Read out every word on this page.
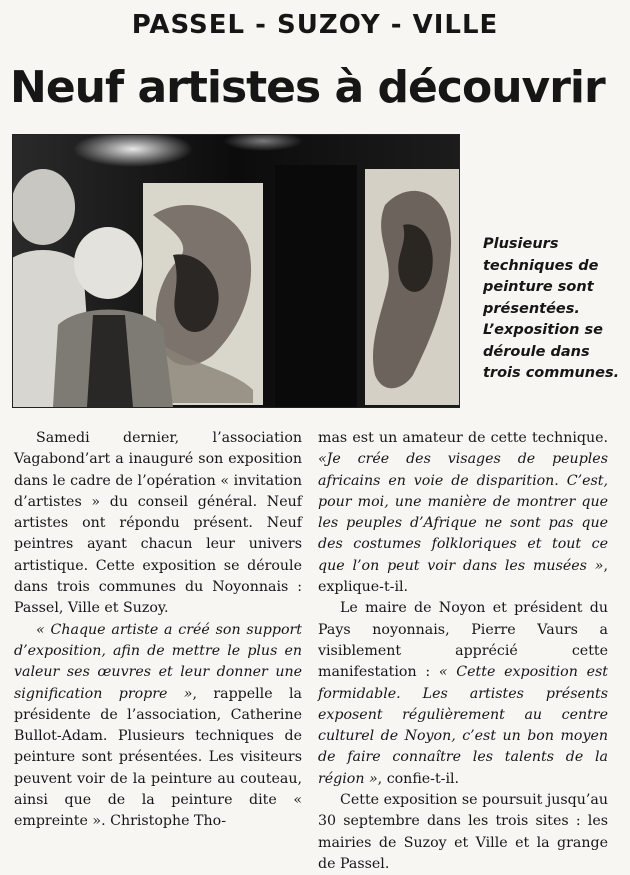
PASSEL - SUZOY - VILLE
Neuf artistes à découvrir

Plusieurs techniques de peinture sont présentées. L’exposition se déroule dans trois communes.

Samedi dernier, l’association Vagabond’art a inauguré son exposition dans le cadre de l’opération « invitation d’artistes » du conseil général. Neuf artistes ont répondu présent. Neuf peintres ayant chacun leur univers artistique. Cette exposition se déroule dans trois communes du Noyonnais : Passel, Ville et Suzoy.

« Chaque artiste a créé son support d’exposition, afin de mettre le plus en valeur ses œuvres et leur donner une signification propre », rappelle la présidente de l’association, Catherine Bullot-Adam. Plusieurs techniques de peinture sont présentées. Les visiteurs peuvent voir de la peinture au couteau, ainsi que de la peinture dite « empreinte ». Christophe Tho-

mas est un amateur de cette technique. «Je crée des visages de peuples africains en voie de disparition. C’est, pour moi, une manière de montrer que les peuples d’Afrique ne sont pas que des costumes folkloriques et tout ce que l’on peut voir dans les musées », explique-t-il.

Le maire de Noyon et président du Pays noyonnais, Pierre Vaurs a visiblement apprécié cette manifestation : « Cette exposition est formidable. Les artistes présents exposent régulièrement au centre culturel de Noyon, c’est un bon moyen de faire connaître les talents de la région », confie-t-il.

Cette exposition se poursuit jusqu’au 30 septembre dans les trois sites : les mairies de Suzoy et Ville et la grange de Passel.
